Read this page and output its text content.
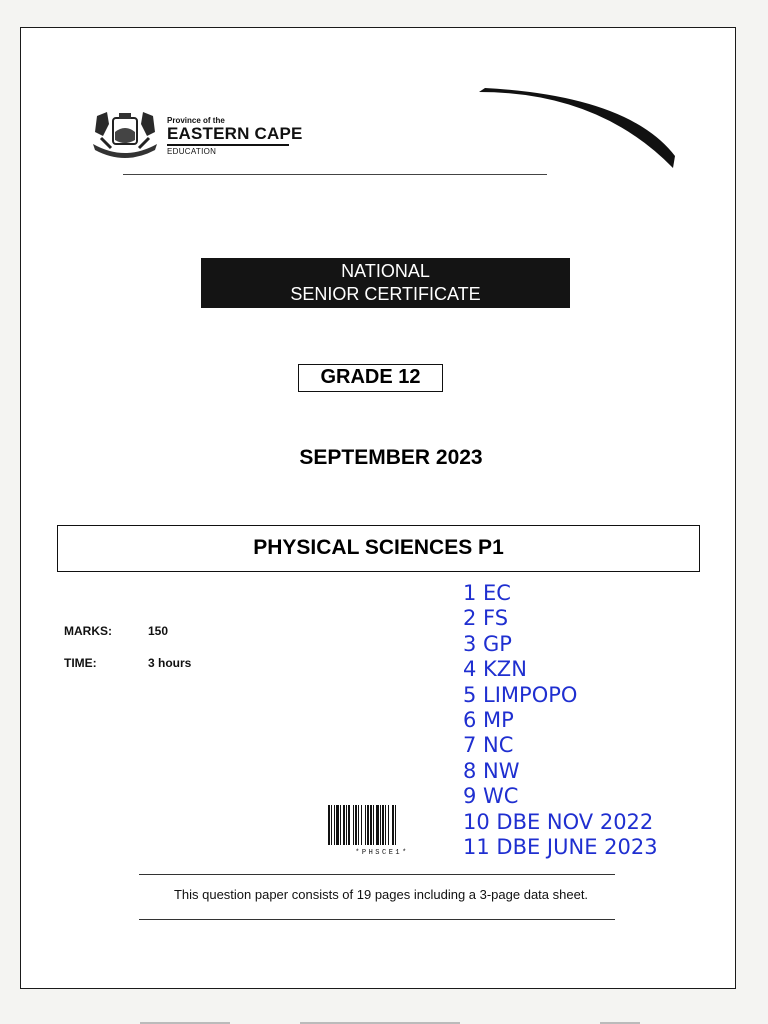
Province of the
EASTERN CAPE
EDUCATION
NATIONAL
SENIOR CERTIFICATE
GRADE 12
SEPTEMBER 2023
PHYSICAL SCIENCES P1
MARKS:	150
TIME:	3 hours
1 EC
2 FS
3 GP
4 KZN
5 LIMPOPO
6 MP
7 NC
8 NW
9 WC
10 DBE NOV 2022
11 DBE JUNE 2023
*PHSCE1*
This question paper consists of 19 pages including a 3-page data sheet.
